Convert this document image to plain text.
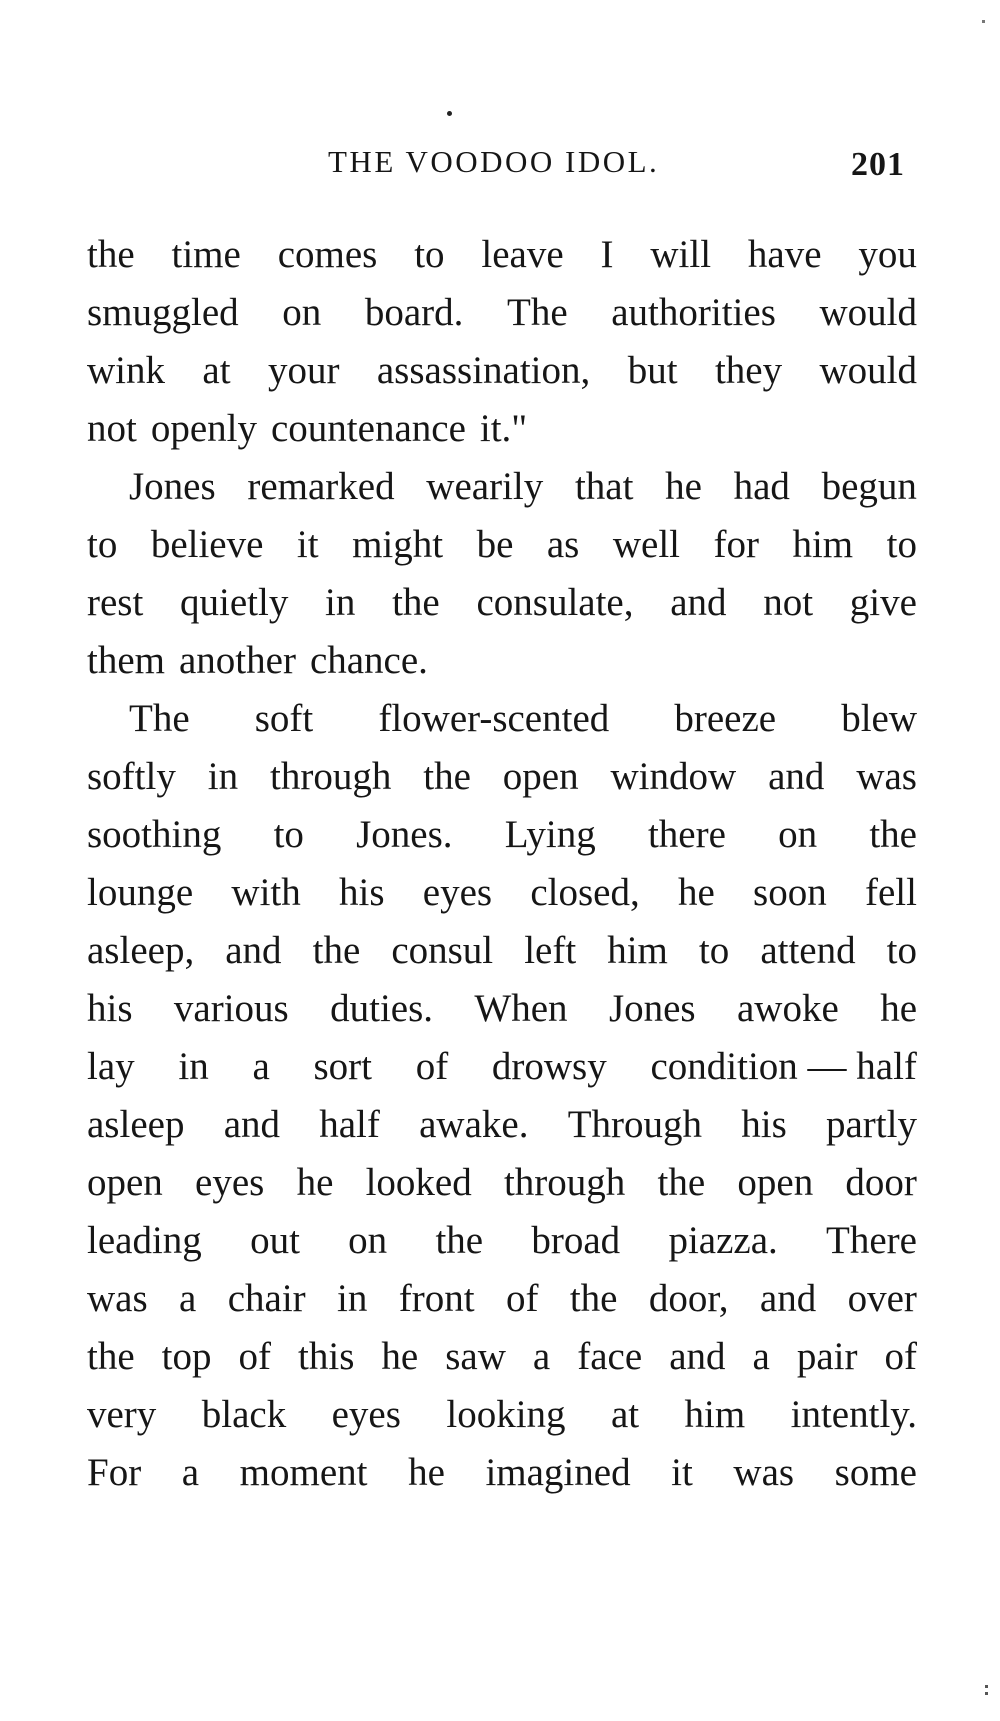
THE VOODOO IDOL.	201
the time comes to leave I will have you
smuggled on board. The authorities would
wink at your assassination, but they would
not openly countenance it."
Jones remarked wearily that he had begun
to believe it might be as well for him to
rest quietly in the consulate, and not give
them another chance.
The soft flower-scented breeze blew
softly in through the open window and was
soothing to Jones. Lying there on the
lounge with his eyes closed, he soon fell
asleep, and the consul left him to attend to
his various duties. When Jones awoke he
lay in a sort of drowsy condition — half
asleep and half awake. Through his partly
open eyes he looked through the open door
leading out on the broad piazza. There
was a chair in front of the door, and over
the top of this he saw a face and a pair of
very black eyes looking at him intently.
For a moment he imagined it was some
